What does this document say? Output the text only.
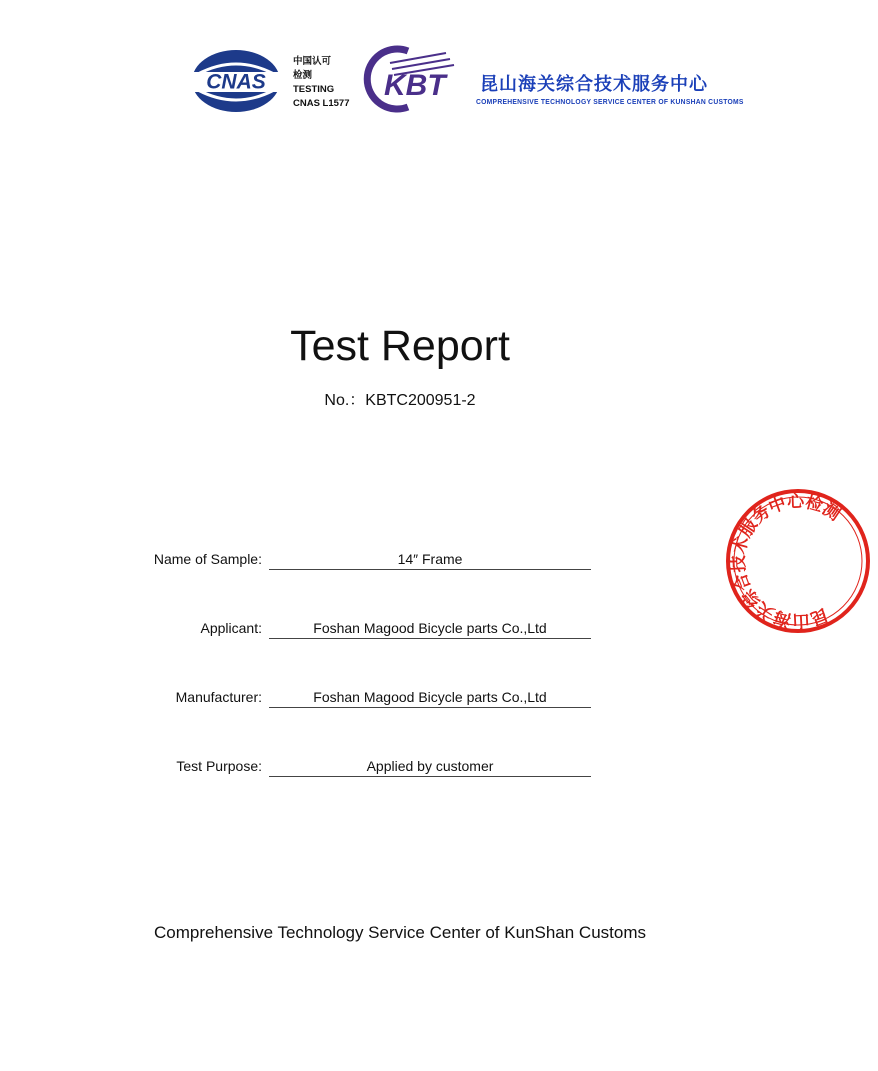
CNAS
中国认可
检测
TESTING
CNAS L1577
KBT 昆山海关综合技术服务中心
COMPREHENSIVE TECHNOLOGY SERVICE CENTER OF KUNSHAN CUSTOMS
Test Report
No.：KBTC200951-2
Name of Sample:	14″ Frame
Applicant:	Foshan Magood Bicycle parts Co.,Ltd
Manufacturer:	Foshan Magood Bicycle parts Co.,Ltd
Test Purpose:	Applied by customer
Comprehensive Technology Service Center of KunShan Customs
昆山海关综合技术服务中心检测
